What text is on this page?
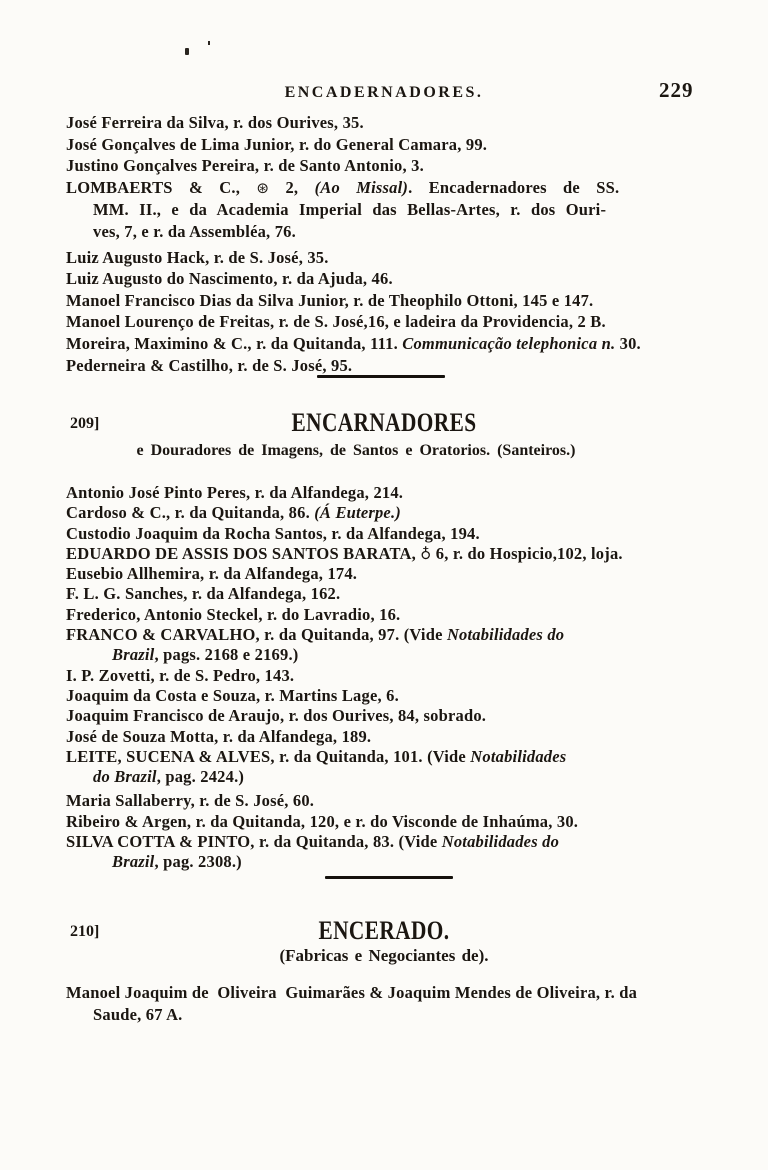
ENCADERNADORES.	229
José Ferreira da Silva, r. dos Ourives, 35.
José Gonçalves de Lima Junior, r. do General Camara, 99.
Justino Gonçalves Pereira, r. de Santo Antonio, 3.
LOMBAERTS & C., ⊛ 2, (Ao Missal). Encadernadores de SS.
MM. II., e da Academia Imperial das Bellas-Artes, r. dos Ouri-
ves, 7, e r. da Assembléa, 76.
Luiz Augusto Hack, r. de S. José, 35.
Luiz Augusto do Nascimento, r. da Ajuda, 46.
Manoel Francisco Dias da Silva Junior, r. de Theophilo Ottoni, 145 e 147.
Manoel Lourenço de Freitas, r. de S. José,16, e ladeira da Providencia, 2 B.
Moreira, Maximino & C., r. da Quitanda, 111. Communicação telephonica n. 30.
Pederneira & Castilho, r. de S. José, 95.
209]	ENCARNADORES
e Douradores de Imagens, de Santos e Oratorios. (Santeiros.)
Antonio José Pinto Peres, r. da Alfandega, 214.
Cardoso & C., r. da Quitanda, 86. (Á Euterpe.)
Custodio Joaquim da Rocha Santos, r. da Alfandega, 194.
EDUARDO DE ASSIS DOS SANTOS BARATA, ♁ 6, r. do Hospicio,102, loja.
Eusebio Allhemira, r. da Alfandega, 174.
F. L. G. Sanches, r. da Alfandega, 162.
Frederico, Antonio Steckel, r. do Lavradio, 16.
FRANCO & CARVALHO, r. da Quitanda, 97. (Vide Notabilidades do
Brazil, pags. 2168 e 2169.)
I. P. Zovetti, r. de S. Pedro, 143.
Joaquim da Costa e Souza, r. Martins Lage, 6.
Joaquim Francisco de Araujo, r. dos Ourives, 84, sobrado.
José de Souza Motta, r. da Alfandega, 189.
LEITE, SUCENA & ALVES, r. da Quitanda, 101. (Vide Notabilidades
do Brazil, pag. 2424.)
Maria Sallaberry, r. de S. José, 60.
Ribeiro & Argen, r. da Quitanda, 120, e r. do Visconde de Inhaúma, 30.
SILVA COTTA & PINTO, r. da Quitanda, 83. (Vide Notabilidades do
Brazil, pag. 2308.)
210]	ENCERADO.
(Fabricas e Negociantes de).
Manoel Joaquim de  Oliveira  Guimarães & Joaquim Mendes de Oliveira, r. da
Saude, 67 A.
